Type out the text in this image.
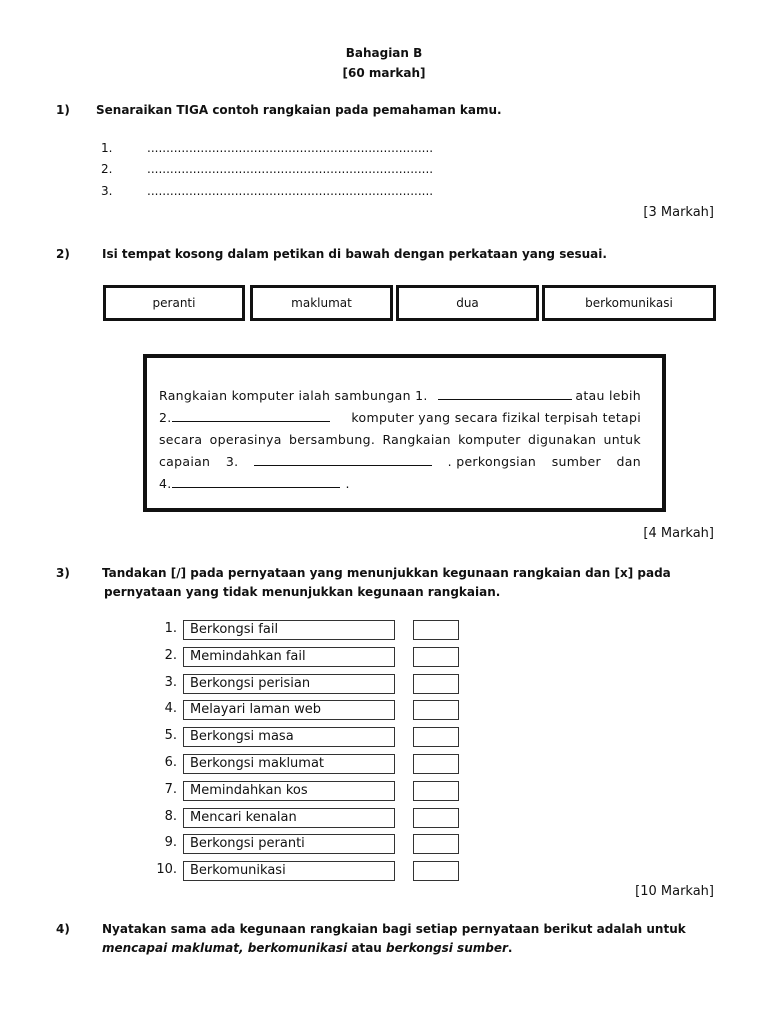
Bahagian B
[60 markah]
1) Senaraikan TIGA contoh rangkaian pada pemahaman kamu.
1.	...........................................................................
2.	...........................................................................
3.	...........................................................................
[3 Markah]
2)	Isi tempat kosong dalam petikan di bawah dengan perkataan yang sesuai.
peranti	maklumat	dua	berkomunikasi
Rangkaian komputer ialah sambungan 1.	atau lebih
2.	komputer yang secara fizikal terpisah tetapi
secara operasinya bersambung. Rangkaian komputer digunakan untuk
capaian 3.	. perkongsian sumber dan
4.	.
[4 Markah]
3)	Tandakan [/] pada pernyataan yang menunjukkan kegunaan rangkaian dan [x] pada
pernyataan yang tidak menunjukkan kegunaan rangkaian.
1.	Berkongsi fail
2.	Memindahkan fail
3.	Berkongsi perisian
4.	Melayari laman web
5.	Berkongsi masa
6.	Berkongsi maklumat
7.	Memindahkan kos
8.	Mencari kenalan
9.	Berkongsi peranti
10.	Berkomunikasi
[10 Markah]
4)	Nyatakan sama ada kegunaan rangkaian bagi setiap pernyataan berikut adalah untuk
mencapai maklumat, berkomunikasi atau berkongsi sumber.
